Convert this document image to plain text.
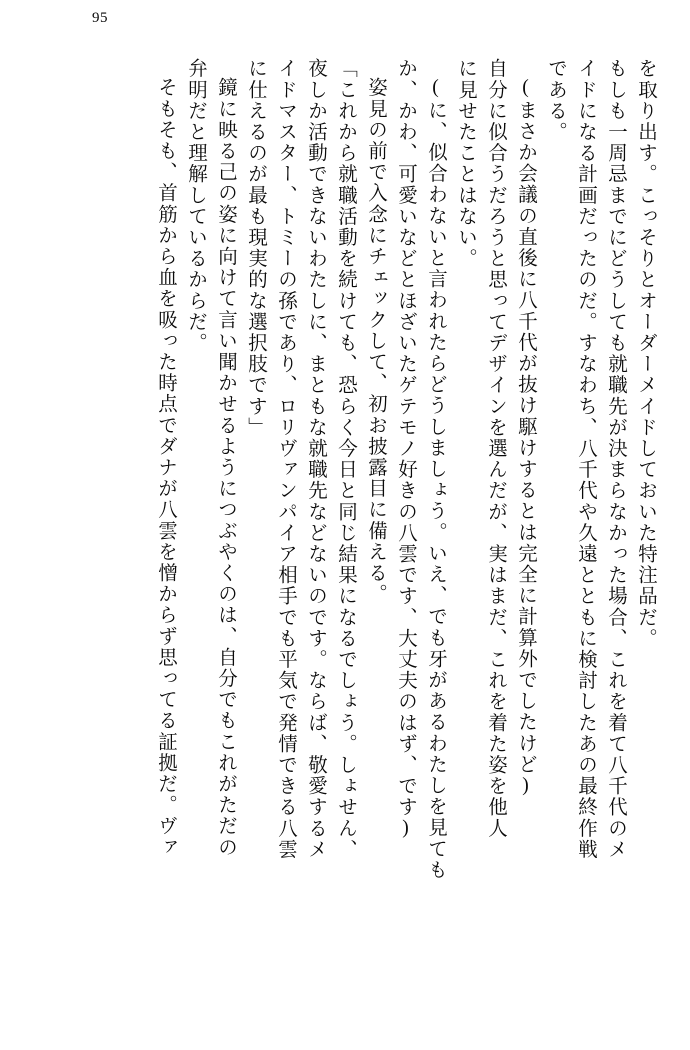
95
を取り出す。こっそりとオーダーメイドしておいた特注品だ。
もしも一周忌までにどうしても就職先が決まらなかった場合、これを着て八千代のメ
イドになる計画だったのだ。すなわち、八千代や久遠とともに検討したあの最終作戦
である。
(まさか会議の直後に八千代が抜け駆けするとは完全に計算外でしたけど)
自分に似合うだろうと思ってデザインを選んだが、実はまだ、これを着た姿を他人
に見せたことはない。
(に、似合わないと言われたらどうしましょう。いえ、でも牙があるわたしを見ても
か、かわ、可愛いなどとほざいたゲテモノ好きの八雲です、大丈夫のはず、です)
姿見の前で入念にチェックして、初お披露目に備える。
「これから就職活動を続けても、恐らく今日と同じ結果になるでしょう。しょせん、
夜しか活動できないわたしに、まともな就職先などないのです。ならば、敬愛するメ
イドマスター、トミーの孫であり、ロリヴァンパイア相手でも平気で発情できる八雲
に仕えるのが最も現実的な選択肢です」
鏡に映る己の姿に向けて言い聞かせるようにつぶやくのは、自分でもこれがただの
弁明だと理解しているからだ。
そもそも、首筋から血を吸った時点でダナが八雲を憎からず思ってる証拠だ。ヴァ
